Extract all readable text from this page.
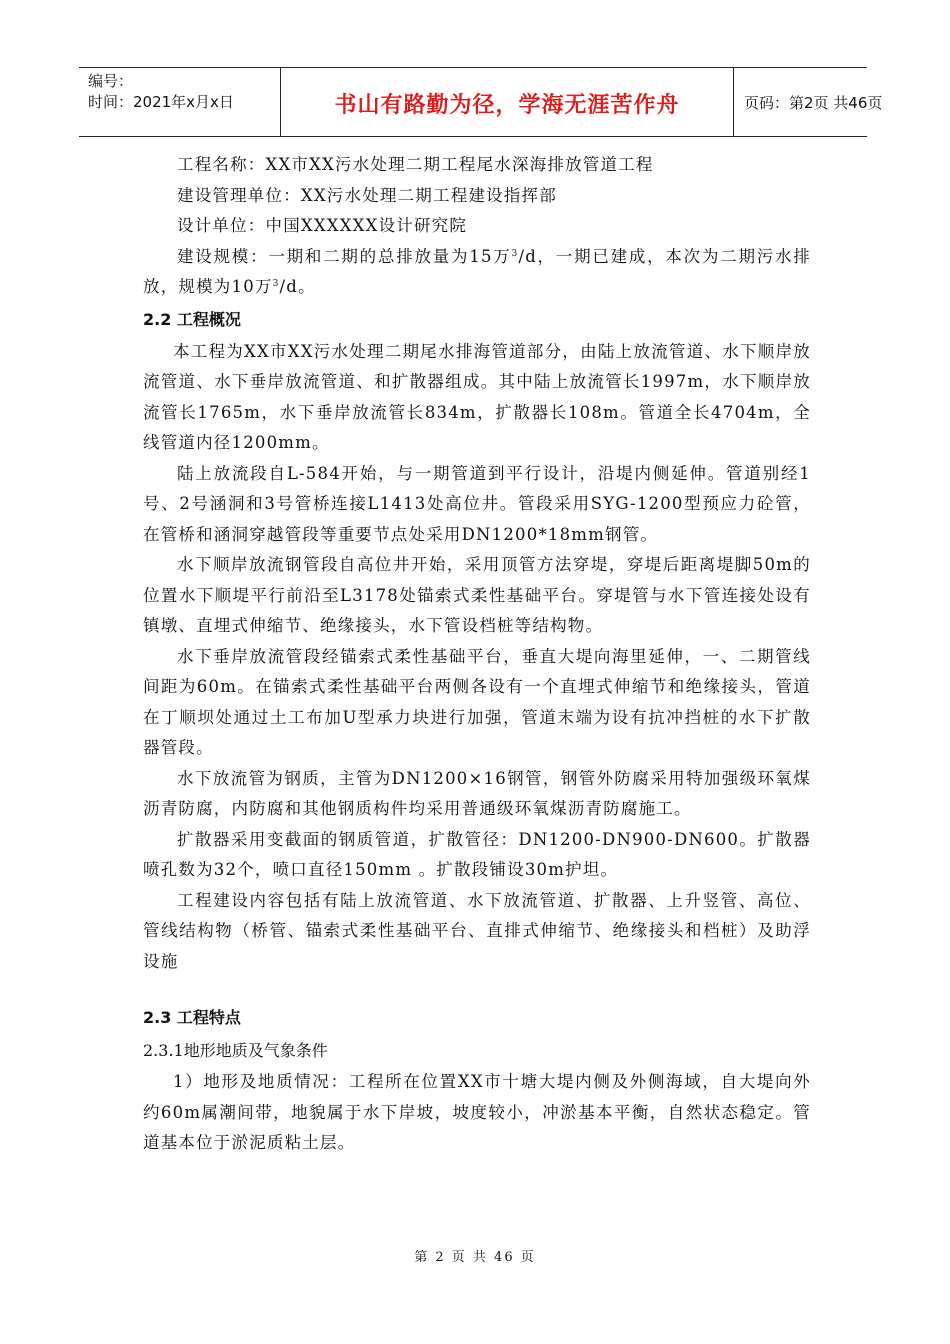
编号：
时间：2021年x月x日	书山有路勤为径，学海无涯苦作舟	页码：第2页 共46页

工程名称：XX市XX污水处理二期工程尾水深海排放管道工程

建设管理单位：XX污水处理二期工程建设指挥部

设计单位：中国XXXXXX设计研究院

建设规模：一期和二期的总排放量为15万$^3$/d，一期已建成，本次为二期污水排放，规模为10万$^3$/d。

2.2 工程概况

本工程为XX市XX污水处理二期尾水排海管道部分，由陆上放流管道、水下顺岸放流管道、水下垂岸放流管道、和扩散器组成。其中陆上放流管长1997m，水下顺岸放流管长1765m，水下垂岸放流管长834m，扩散器长108m。管道全长4704m，全线管道内径1200mm。

陆上放流段自L-584开始，与一期管道到平行设计，沿堤内侧延伸。管道别经1号、2号涵洞和3号管桥连接L1413处高位井。管段采用SYG-1200型预应力砼管，在管桥和涵洞穿越管段等重要节点处采用DN1200*18mm钢管。

水下顺岸放流钢管段自高位井开始，采用顶管方法穿堤，穿堤后距离堤脚50m的位置水下顺堤平行前沿至L3178处锚索式柔性基础平台。穿堤管与水下管连接处设有镇墩、直埋式伸缩节、绝缘接头，水下管设档桩等结构物。

水下垂岸放流管段经锚索式柔性基础平台，垂直大堤向海里延伸，一、二期管线间距为60m。在锚索式柔性基础平台两侧各设有一个直埋式伸缩节和绝缘接头，管道在丁顺坝处通过土工布加U型承力块进行加强，管道末端为设有抗冲挡桩的水下扩散器管段。

水下放流管为钢质，主管为DN1200×16钢管，钢管外防腐采用特加强级环氧煤沥青防腐，内防腐和其他钢质构件均采用普通级环氧煤沥青防腐施工。

扩散器采用变截面的钢质管道，扩散管径：DN1200-DN900-DN600。扩散器喷孔数为32个，喷口直径150mm 。扩散段铺设30m护坦。

工程建设内容包括有陆上放流管道、水下放流管道、扩散器、上升竖管、高位、管线结构物（桥管、锚索式柔性基础平台、直排式伸缩节、绝缘接头和档桩）及助浮设施

2.3 工程特点

2.3.1地形地质及气象条件

1）地形及地质情况：工程所在位置XX市十塘大堤内侧及外侧海域，自大堤向外约60m属潮间带，地貌属于水下岸坡，坡度较小，冲淤基本平衡，自然状态稳定。管道基本位于淤泥质粘土层。

第 2 页 共 46 页
